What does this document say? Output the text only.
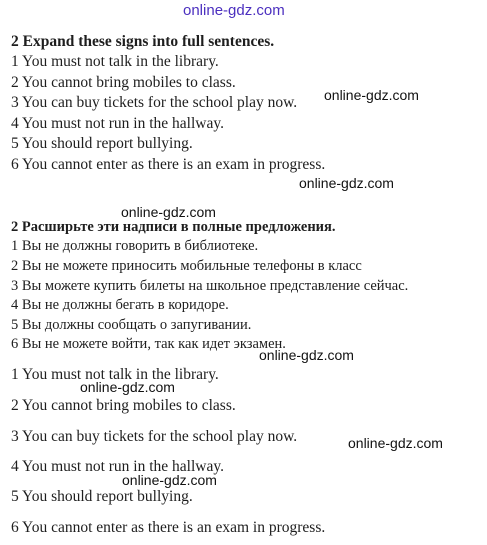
online-gdz.com
2 Expand these signs into full sentences.
1 You must not talk in the library.
2 You cannot bring mobiles to class.
3 You can buy tickets for the school play now.
4 You must not run in the hallway.
5 You should report bullying.
6 You cannot enter as there is an exam in progress.
online-gdz.com
online-gdz.com
online-gdz.com
2 Расширьте эти надписи в полные предложения.
1 Вы не должны говорить в библиотеке.
2 Вы не можете приносить мобильные телефоны в класс
3 Вы можете купить билеты на школьное представление сейчас.
4 Вы не должны бегать в коридоре.
5 Вы должны сообщать о запугивании.
6 Вы не можете войти, так как идет экзамен.
online-gdz.com
1 You must not talk in the library.
online-gdz.com
2 You cannot bring mobiles to class.
3 You can buy tickets for the school play now.	online-gdz.com
4 You must not run in the hallway.
online-gdz.com
5 You should report bullying.
6 You cannot enter as there is an exam in progress.
